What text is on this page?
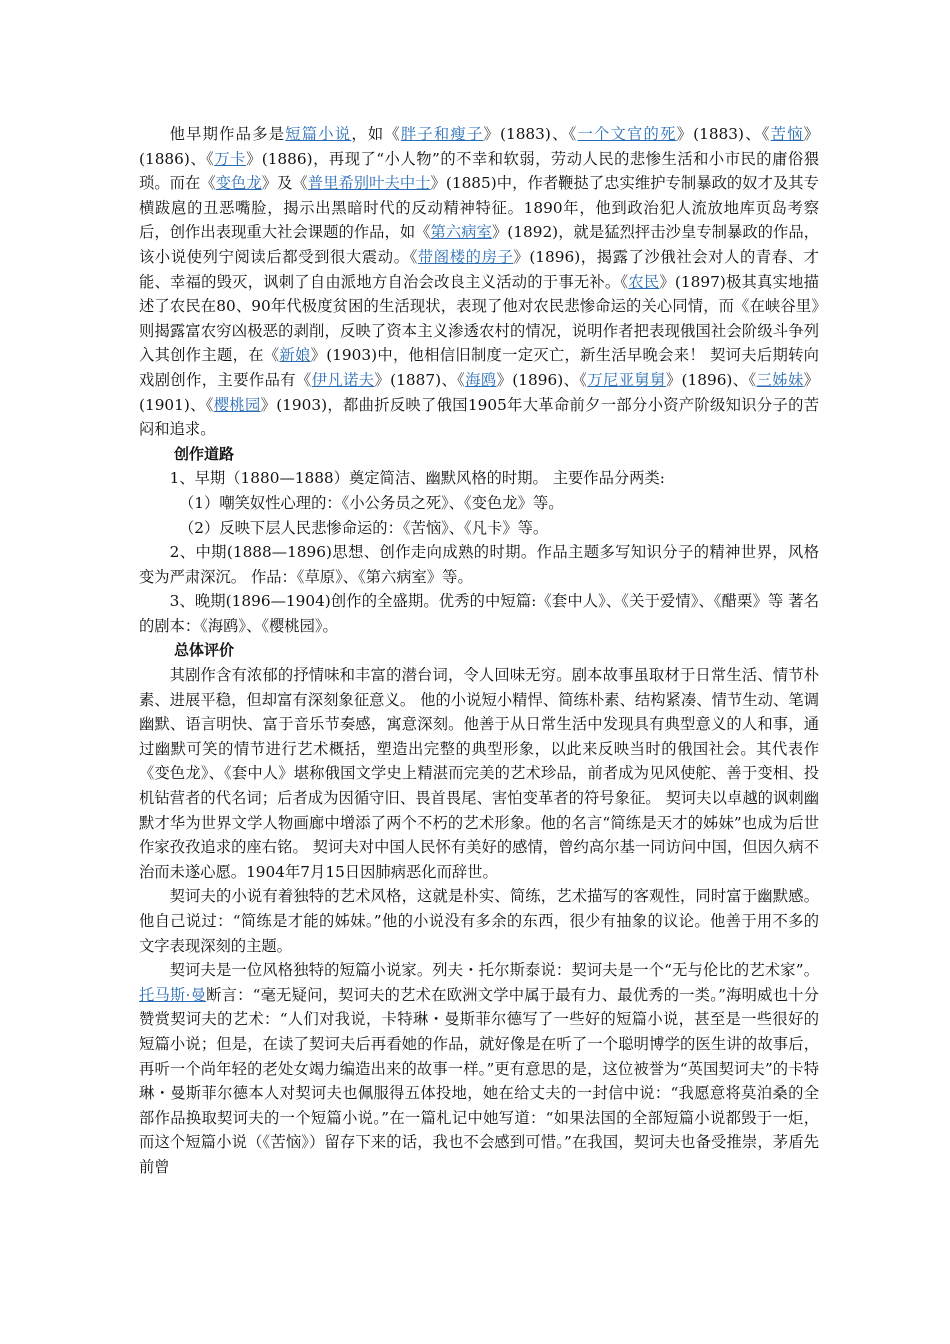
他早期作品多是短篇小说，如《胖子和瘦子》(1883)、《一个文官的死》(1883)、《苦恼》(1886)、《万卡》(1886)，再现了“小人物”的不幸和软弱，劳动人民的悲惨生活和小市民的庸俗猥琐。而在《变色龙》及《普里希别叶夫中士》(1885)中，作者鞭挞了忠实维护专制暴政的奴才及其专横跋扈的丑恶嘴脸，揭示出黑暗时代的反动精神特征。1890年，他到政治犯人流放地库页岛考察后，创作出表现重大社会课题的作品，如《第六病室》(1892)，就是猛烈抨击沙皇专制暴政的作品，该小说使列宁阅读后都受到很大震动。《带阁楼的房子》(1896)，揭露了沙俄社会对人的青春、才能、幸福的毁灭，讽刺了自由派地方自治会改良主义活动的于事无补。《农民》(1897)极其真实地描述了农民在80、90年代极度贫困的生活现状，表现了他对农民悲惨命运的关心同情，而《在峡谷里》则揭露富农穷凶极恶的剥削，反映了资本主义渗透农村的情况，说明作者把表现俄国社会阶级斗争列入其创作主题，在《新娘》(1903)中，他相信旧制度一定灭亡，新生活早晚会来！ 契诃夫后期转向戏剧创作，主要作品有《伊凡诺夫》(1887)、《海鸥》(1896)、《万尼亚舅舅》(1896)、《三姊妹》(1901)、《樱桃园》(1903)，都曲折反映了俄国1905年大革命前夕一部分小资产阶级知识分子的苦闷和追求。

创作道路

1、早期（1880—1888）奠定简洁、幽默风格的时期。 主要作品分两类:

（1）嘲笑奴性心理的：《小公务员之死》、《变色龙》等。

（2）反映下层人民悲惨命运的：《苦恼》、《凡卡》等。

2、中期(1888—1896)思想、创作走向成熟的时期。作品主题多写知识分子的精神世界，风格变为严肃深沉。 作品：《草原》、《第六病室》等。

3、晚期(1896—1904)创作的全盛期。优秀的中短篇:《套中人》、《关于爱情》、《醋栗》等 著名的剧本：《海鸥》、《樱桃园》。

总体评价

其剧作含有浓郁的抒情味和丰富的潜台词，令人回味无穷。剧本故事虽取材于日常生活、情节朴素、进展平稳，但却富有深刻象征意义。 他的小说短小精悍、简练朴素、结构紧凑、情节生动、笔调幽默、语言明快、富于音乐节奏感，寓意深刻。他善于从日常生活中发现具有典型意义的人和事，通过幽默可笑的情节进行艺术概括，塑造出完整的典型形象，以此来反映当时的俄国社会。其代表作《变色龙》、《套中人》堪称俄国文学史上精湛而完美的艺术珍品，前者成为见风使舵、善于变相、投机钻营者的代名词；后者成为因循守旧、畏首畏尾、害怕变革者的符号象征。 契诃夫以卓越的讽刺幽默才华为世界文学人物画廊中增添了两个不朽的艺术形象。他的名言“简练是天才的姊妹”也成为后世作家孜孜追求的座右铭。 契诃夫对中国人民怀有美好的感情，曾约高尔基一同访问中国，但因久病不治而未遂心愿。1904年7月15日因肺病恶化而辞世。

契诃夫的小说有着独特的艺术风格，这就是朴实、简练，艺术描写的客观性，同时富于幽默感。他自己说过：“简练是才能的姊妹。”他的小说没有多余的东西，很少有抽象的议论。他善于用不多的文字表现深刻的主题。

契诃夫是一位风格独特的短篇小说家。列夫・托尔斯泰说：契诃夫是一个“无与伦比的艺术家”。托马斯·曼断言：“毫无疑问，契诃夫的艺术在欧洲文学中属于最有力、最优秀的一类。”海明威也十分赞赏契诃夫的艺术：“人们对我说，卡特琳・曼斯菲尔德写了一些好的短篇小说，甚至是一些很好的短篇小说；但是，在读了契诃夫后再看她的作品，就好像是在听了一个聪明博学的医生讲的故事后，再听一个尚年轻的老处女竭力编造出来的故事一样。”更有意思的是，这位被誉为“英国契诃夫”的卡特琳・曼斯菲尔德本人对契诃夫也佩服得五体投地，她在给丈夫的一封信中说：“我愿意将莫泊桑的全部作品换取契诃夫的一个短篇小说。”在一篇札记中她写道：“如果法国的全部短篇小说都毁于一炬，而这个短篇小说（《苦恼》）留存下来的话，我也不会感到可惜。”在我国，契诃夫也备受推崇，茅盾先前曾
